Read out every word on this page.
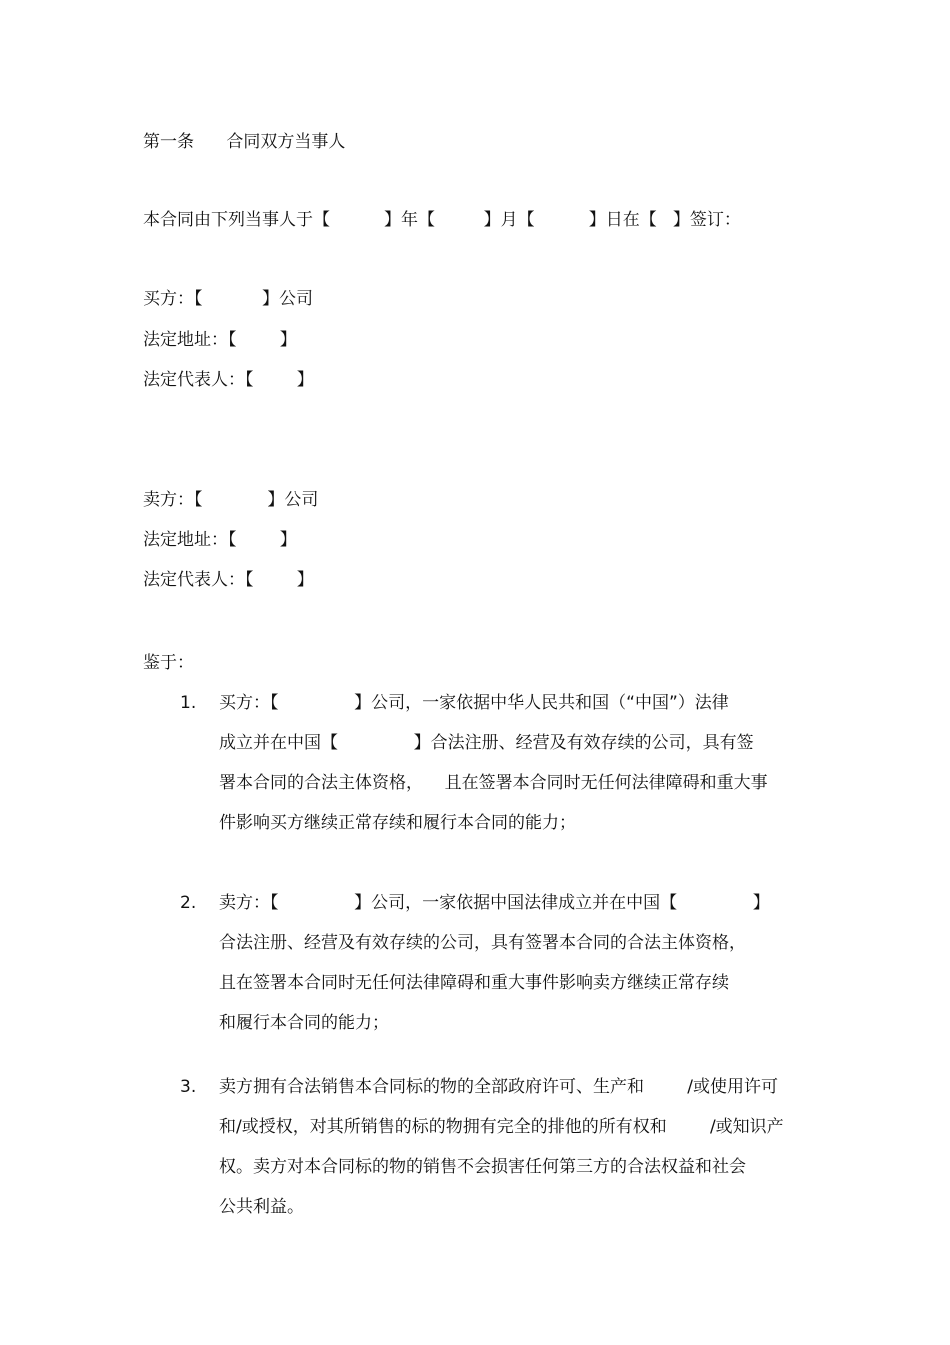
第一条      合同双方当事人
本合同由下列当事人于【          】年【         】月【          】日在【   】签订：
买方：【           】公司
法定地址：【        】
法定代表人：【        】
卖方：【            】公司
法定地址：【        】
法定代表人：【        】
鉴于：
1. 买方：【              】公司，一家依据中华人民共和国（“中国”）法律
成立并在中国【              】合法注册、经营及有效存续的公司，具有签
署本合同的合法主体资格，    且在签署本合同时无任何法律障碍和重大事
件影响买方继续正常存续和履行本合同的能力；
2. 卖方：【              】公司，一家依据中国法律成立并在中国【              】
合法注册、经营及有效存续的公司，具有签署本合同的合法主体资格，
且在签署本合同时无任何法律障碍和重大事件影响卖方继续正常存续
和履行本合同的能力；
3. 卖方拥有合法销售本合同标的物的全部政府许可、生产和        /或使用许可
和/或授权，对其所销售的标的物拥有完全的排他的所有权和        /或知识产
权。卖方对本合同标的物的销售不会损害任何第三方的合法权益和社会
公共利益。
